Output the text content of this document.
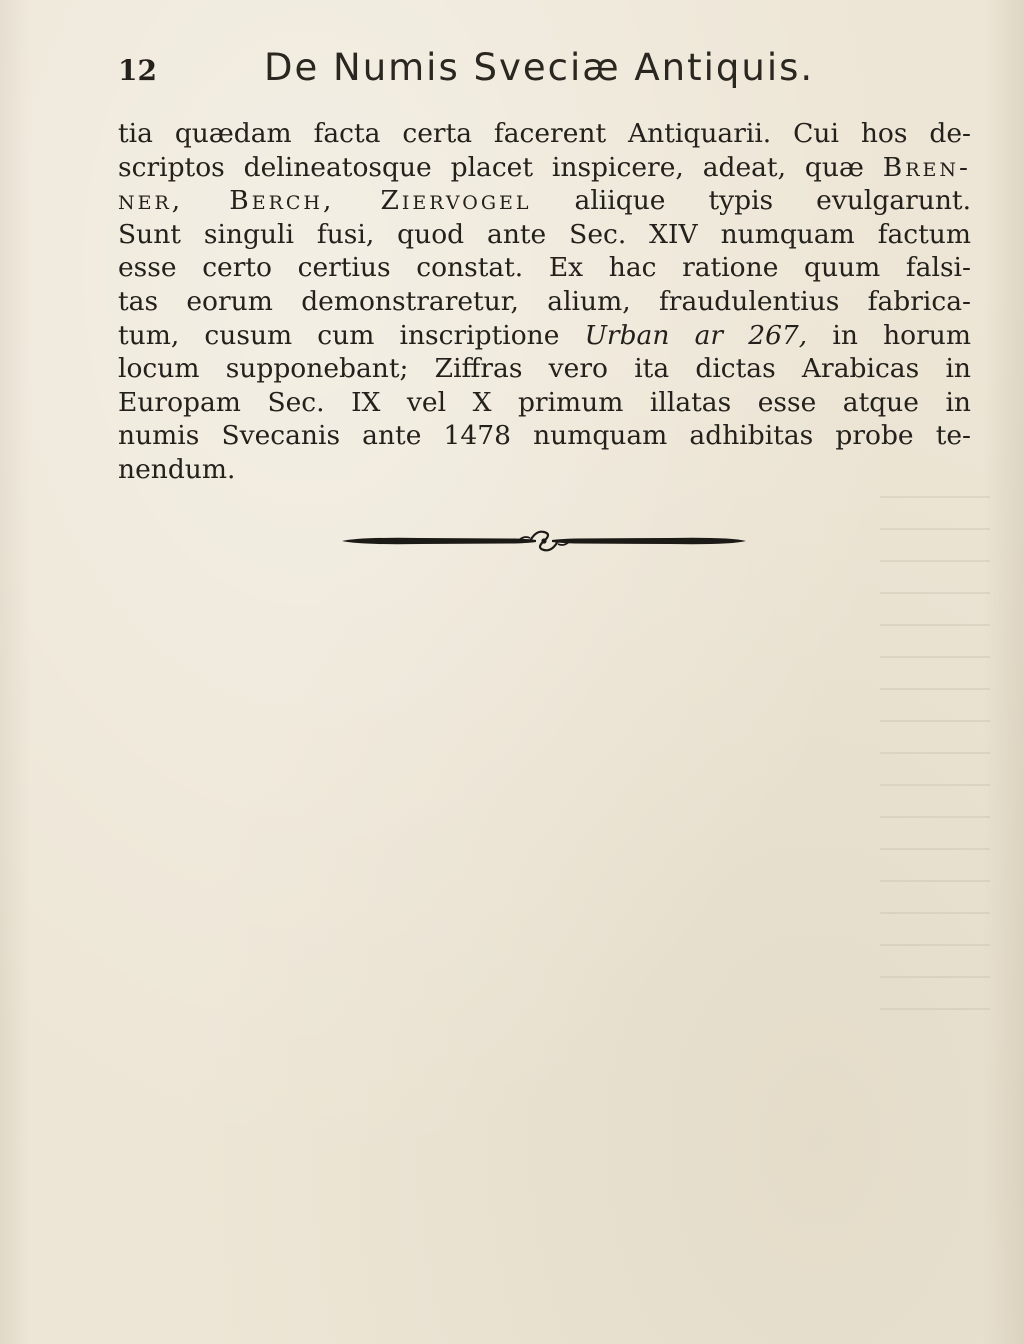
12	De Numis Sveciæ Antiquis.
tia quædam facta certa facerent Antiquarii. Cui hos de-
scriptos delineatosque placet inspicere, adeat, quæ Bren-
ner, Berch, Ziervogel aliique typis evulgarunt.
Sunt singuli fusi, quod ante Sec. XIV numquam factum
esse certo certius constat. Ex hac ratione quum falsi-
tas eorum demonstraretur, alium, fraudulentius fabrica-
tum, cusum cum inscriptione Urban ar 267, in horum
locum supponebant; Ziffras vero ita dictas Arabicas in
Europam Sec. IX vel X primum illatas esse atque in
numis Svecanis ante 1478 numquam adhibitas probe te-
nendum.
